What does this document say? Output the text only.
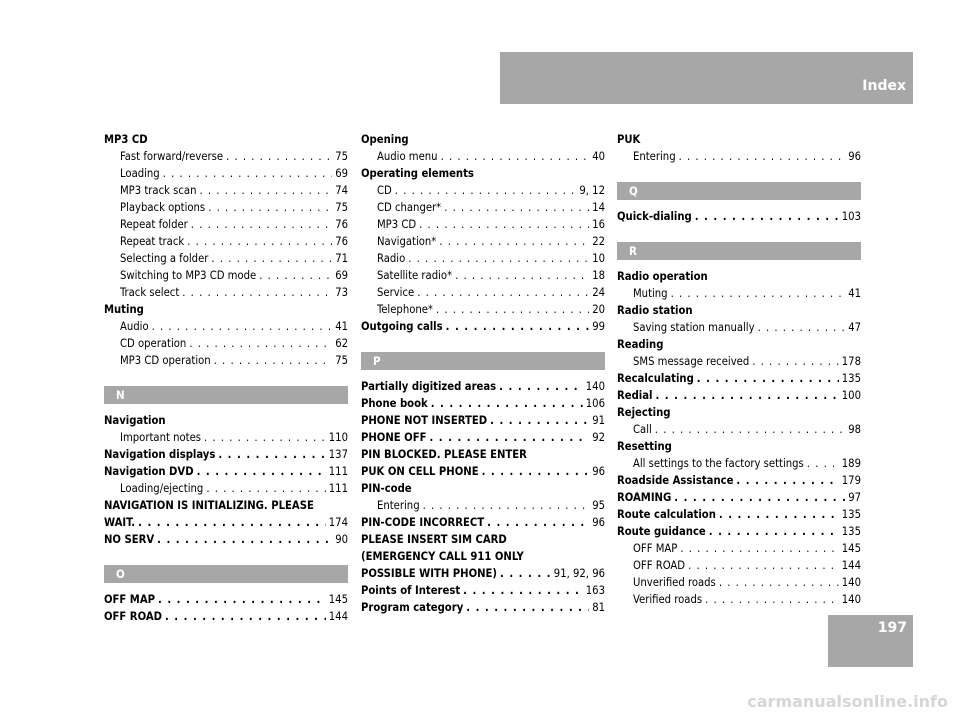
Index
MP3 CD
Fast forward/reverse . . .	75
Loading . . .	69
MP3 track scan . . .	74
Playback options . . .	75
Repeat folder . . .	76
Repeat track . . .	76
Selecting a folder . . .	71
Switching to MP3 CD mode . . .	69
Track select . . .	73
Muting
Audio . . .	41
CD operation . . .	62
MP3 CD operation . . .	75
N
Navigation
Important notes . . .	110
Navigation displays . . .	137
Navigation DVD . . .	111
Loading/ejecting . . .	111
NAVIGATION IS INITIALIZING. PLEASE
WAIT. . . .	174
NO SERV . . .	90
O
OFF MAP . . .	145
OFF ROAD . . .	144
Opening
Audio menu . . .	40
Operating elements
CD . . .	9, 12
CD changer* . . .	14
MP3 CD . . .	16
Navigation* . . .	22
Radio . . .	10
Satellite radio* . . .	18
Service . . .	24
Telephone* . . .	20
Outgoing calls . . .	99
P
Partially digitized areas . . .	140
Phone book . . .	106
PHONE NOT INSERTED . . .	91
PHONE OFF . . .	92
PIN BLOCKED. PLEASE ENTER
PUK ON CELL PHONE . . .	96
PIN-code
Entering . . .	95
PIN-CODE INCORRECT . . .	96
PLEASE INSERT SIM CARD
(EMERGENCY CALL 911 ONLY
POSSIBLE WITH PHONE) . . .	91, 92, 96
Points of Interest . . .	163
Program category . . .	81
PUK
Entering . . .	96
Q
Quick-dialing . . .	103
R
Radio operation
Muting . . .	41
Radio station
Saving station manually . . .	47
Reading
SMS message received . . .	178
Recalculating . . .	135
Redial . . .	100
Rejecting
Call . . .	98
Resetting
All settings to the factory settings . . .	189
Roadside Assistance . . .	179
ROAMING . . .	97
Route calculation . . .	135
Route guidance . . .	135
OFF MAP . . .	145
OFF ROAD . . .	144
Unverified roads . . .	140
Verified roads . . .	140
197
carmanualsonline.info
